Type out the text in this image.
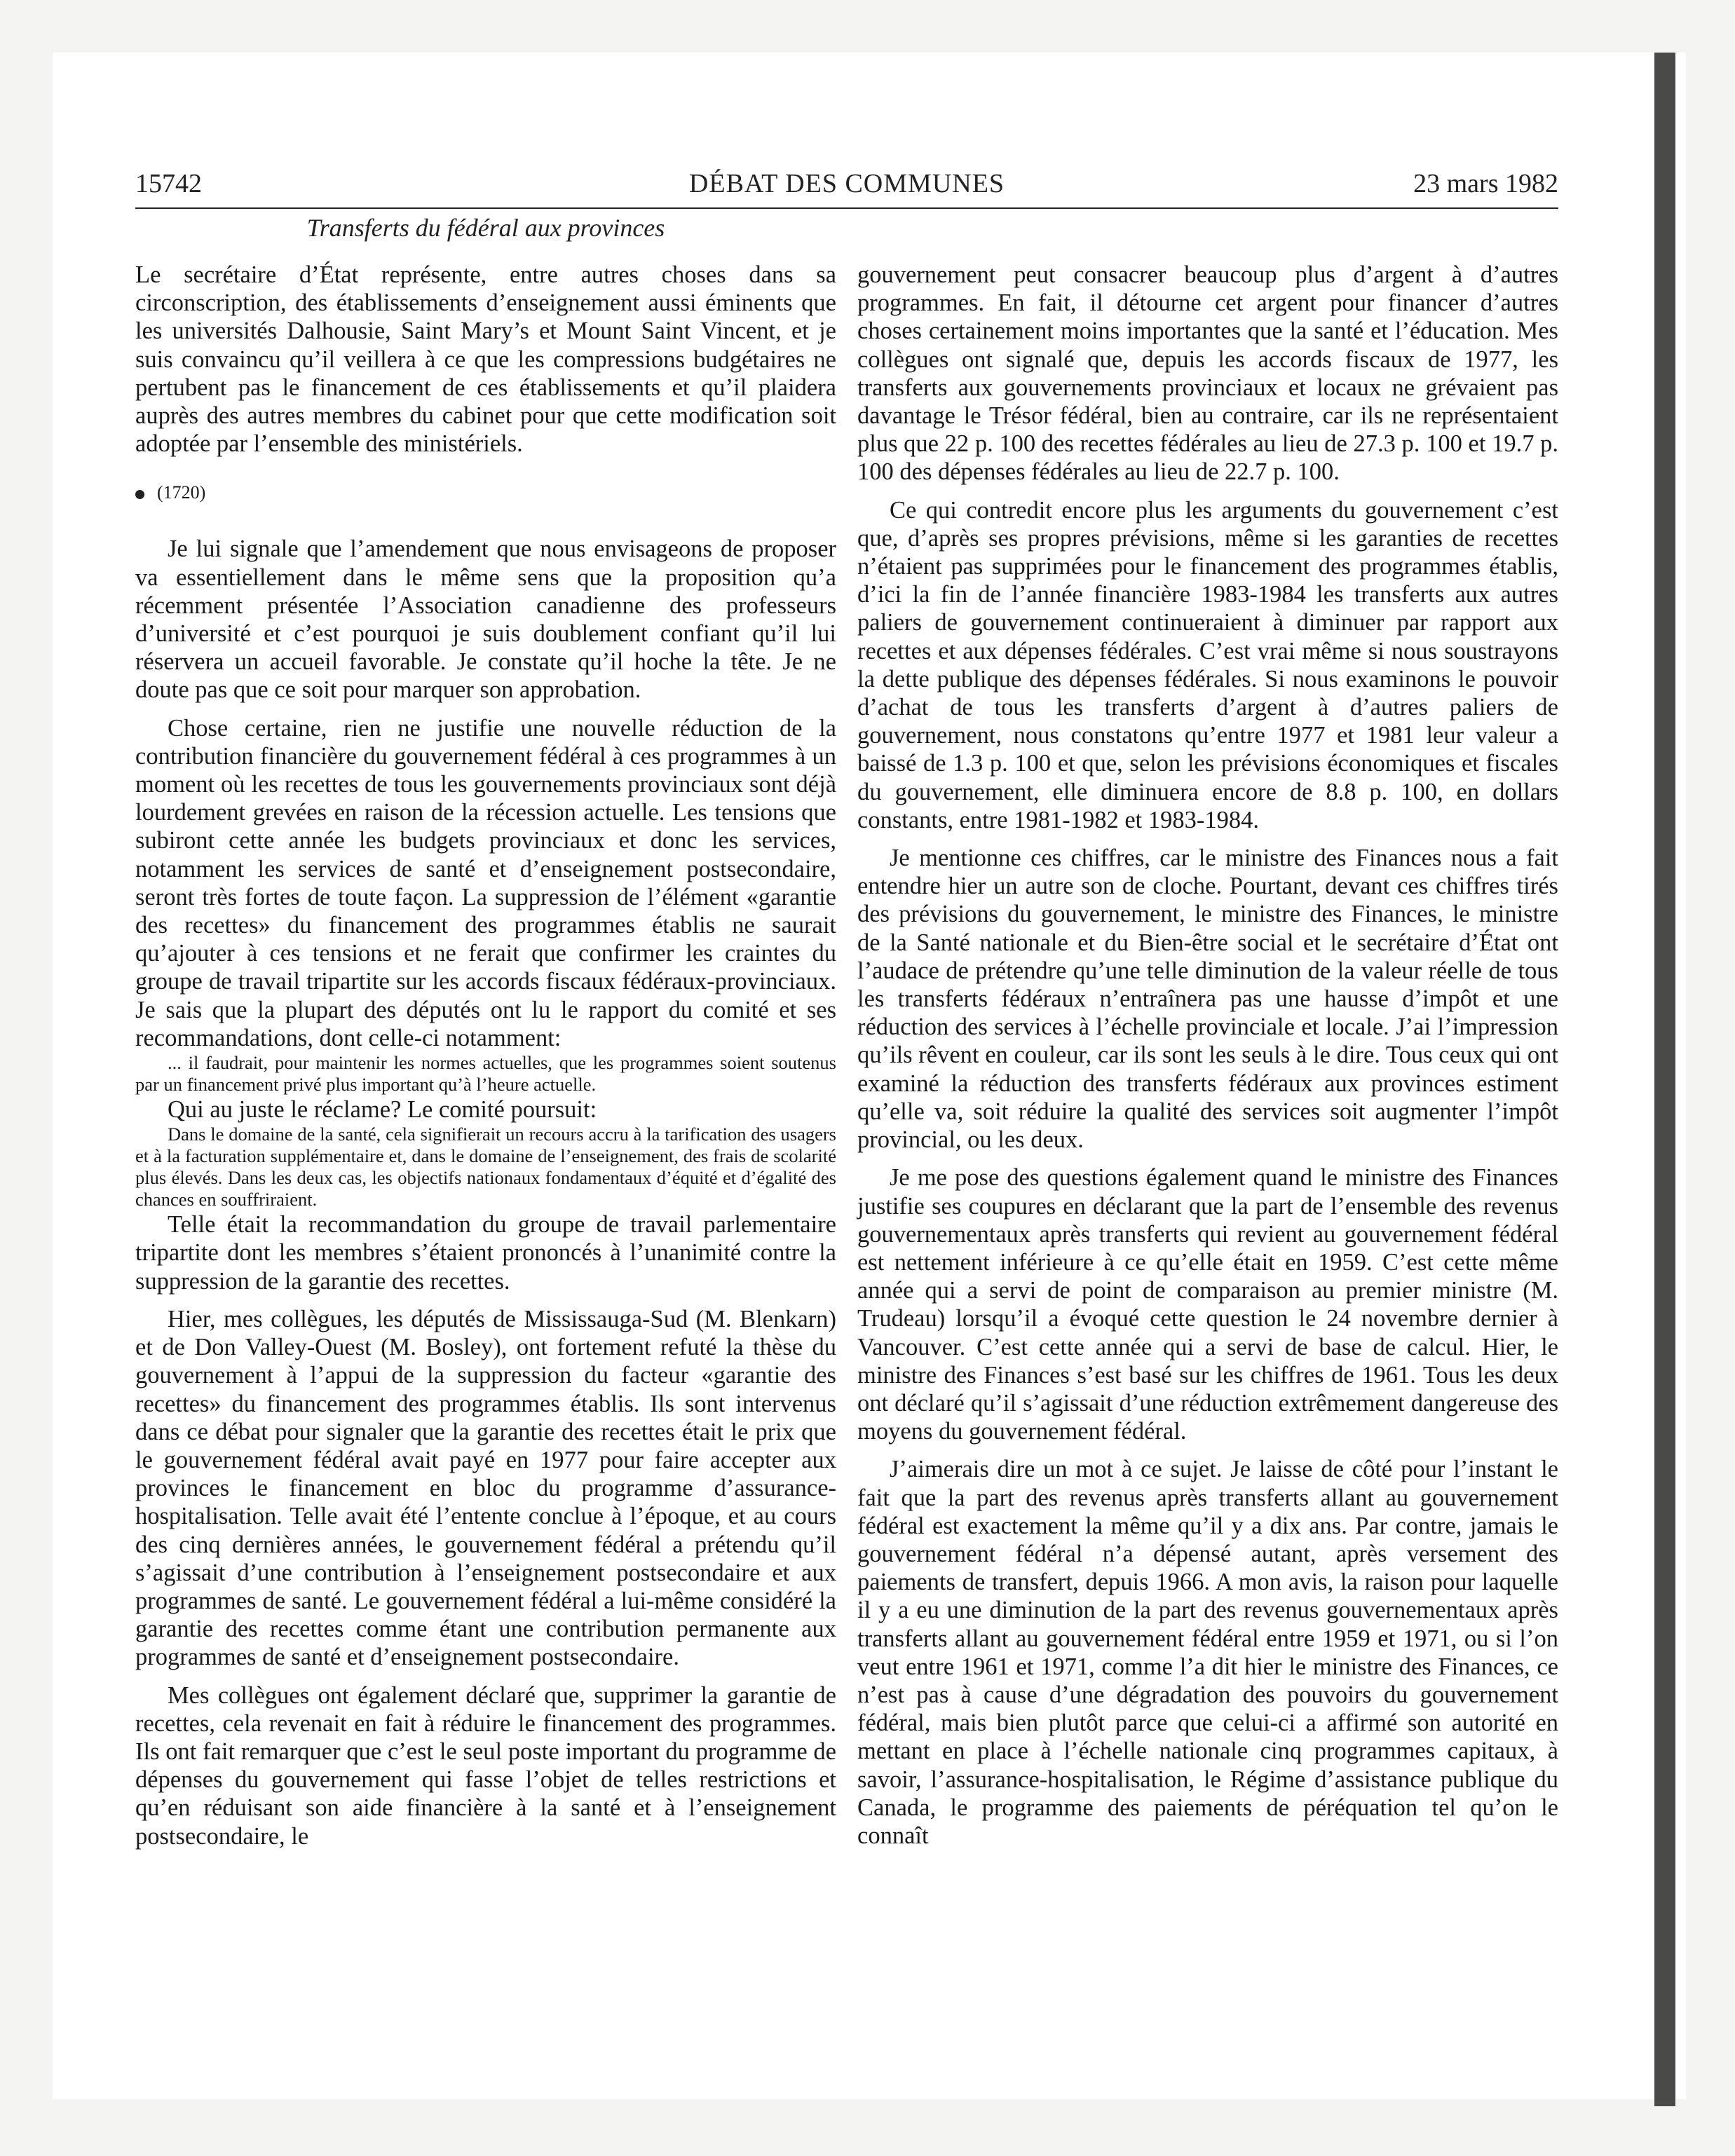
15742	DÉBAT DES COMMUNES	23 mars 1982
Transferts du fédéral aux provinces

Le secrétaire d’État représente, entre autres choses dans sa circonscription, des établissements d’enseignement aussi éminents que les universités Dalhousie, Saint Mary’s et Mount Saint Vincent, et je suis convaincu qu’il veillera à ce que les compressions budgétaires ne pertubent pas le financement de ces établissements et qu’il plaidera auprès des autres membres du cabinet pour que cette modification soit adoptée par l’ensemble des ministériels.

(1720)

Je lui signale que l’amendement que nous envisageons de proposer va essentiellement dans le même sens que la proposition qu’a récemment présentée l’Association canadienne des professeurs d’université et c’est pourquoi je suis doublement confiant qu’il lui réservera un accueil favorable. Je constate qu’il hoche la tête. Je ne doute pas que ce soit pour marquer son approbation.

Chose certaine, rien ne justifie une nouvelle réduction de la contribution financière du gouvernement fédéral à ces programmes à un moment où les recettes de tous les gouvernements provinciaux sont déjà lourdement grevées en raison de la récession actuelle. Les tensions que subiront cette année les budgets provinciaux et donc les services, notamment les services de santé et d’enseignement postsecondaire, seront très fortes de toute façon. La suppression de l’élément «garantie des recettes» du financement des programmes établis ne saurait qu’ajouter à ces tensions et ne ferait que confirmer les craintes du groupe de travail tripartite sur les accords fiscaux fédéraux-provinciaux. Je sais que la plupart des députés ont lu le rapport du comité et ses recommandations, dont celle-ci notamment:

... il faudrait, pour maintenir les normes actuelles, que les programmes soient soutenus par un financement privé plus important qu’à l’heure actuelle.

Qui au juste le réclame? Le comité poursuit:

Dans le domaine de la santé, cela signifierait un recours accru à la tarification des usagers et à la facturation supplémentaire et, dans le domaine de l’enseignement, des frais de scolarité plus élevés. Dans les deux cas, les objectifs nationaux fondamentaux d’équité et d’égalité des chances en souffriraient.

Telle était la recommandation du groupe de travail parlementaire tripartite dont les membres s’étaient prononcés à l’unanimité contre la suppression de la garantie des recettes.

Hier, mes collègues, les députés de Mississauga-Sud (M. Blenkarn) et de Don Valley-Ouest (M. Bosley), ont fortement refuté la thèse du gouvernement à l’appui de la suppression du facteur «garantie des recettes» du financement des programmes établis. Ils sont intervenus dans ce débat pour signaler que la garantie des recettes était le prix que le gouvernement fédéral avait payé en 1977 pour faire accepter aux provinces le financement en bloc du programme d’assurance-hospitalisation. Telle avait été l’entente conclue à l’époque, et au cours des cinq dernières années, le gouvernement fédéral a prétendu qu’il s’agissait d’une contribution à l’enseignement postsecondaire et aux programmes de santé. Le gouvernement fédéral a lui-même considéré la garantie des recettes comme étant une contribution permanente aux programmes de santé et d’enseignement postsecondaire.

Mes collègues ont également déclaré que, supprimer la garantie de recettes, cela revenait en fait à réduire le financement des programmes. Ils ont fait remarquer que c’est le seul poste important du programme de dépenses du gouvernement qui fasse l’objet de telles restrictions et qu’en réduisant son aide financière à la santé et à l’enseignement postsecondaire, le

gouvernement peut consacrer beaucoup plus d’argent à d’autres programmes. En fait, il détourne cet argent pour financer d’autres choses certainement moins importantes que la santé et l’éducation. Mes collègues ont signalé que, depuis les accords fiscaux de 1977, les transferts aux gouvernements provinciaux et locaux ne grévaient pas davantage le Trésor fédéral, bien au contraire, car ils ne représentaient plus que 22 p. 100 des recettes fédérales au lieu de 27.3 p. 100 et 19.7 p. 100 des dépenses fédérales au lieu de 22.7 p. 100.

Ce qui contredit encore plus les arguments du gouvernement c’est que, d’après ses propres prévisions, même si les garanties de recettes n’étaient pas supprimées pour le financement des programmes établis, d’ici la fin de l’année financière 1983-1984 les transferts aux autres paliers de gouvernement continueraient à diminuer par rapport aux recettes et aux dépenses fédérales. C’est vrai même si nous soustrayons la dette publique des dépenses fédérales. Si nous examinons le pouvoir d’achat de tous les transferts d’argent à d’autres paliers de gouvernement, nous constatons qu’entre 1977 et 1981 leur valeur a baissé de 1.3 p. 100 et que, selon les prévisions économiques et fiscales du gouvernement, elle diminuera encore de 8.8 p. 100, en dollars constants, entre 1981-1982 et 1983-1984.

Je mentionne ces chiffres, car le ministre des Finances nous a fait entendre hier un autre son de cloche. Pourtant, devant ces chiffres tirés des prévisions du gouvernement, le ministre des Finances, le ministre de la Santé nationale et du Bien-être social et le secrétaire d’État ont l’audace de prétendre qu’une telle diminution de la valeur réelle de tous les transferts fédéraux n’entraînera pas une hausse d’impôt et une réduction des services à l’échelle provinciale et locale. J’ai l’impression qu’ils rêvent en couleur, car ils sont les seuls à le dire. Tous ceux qui ont examiné la réduction des transferts fédéraux aux provinces estiment qu’elle va, soit réduire la qualité des services soit augmenter l’impôt provincial, ou les deux.

Je me pose des questions également quand le ministre des Finances justifie ses coupures en déclarant que la part de l’ensemble des revenus gouvernementaux après transferts qui revient au gouvernement fédéral est nettement inférieure à ce qu’elle était en 1959. C’est cette même année qui a servi de point de comparaison au premier ministre (M. Trudeau) lorsqu’il a évoqué cette question le 24 novembre dernier à Vancouver. C’est cette année qui a servi de base de calcul. Hier, le ministre des Finances s’est basé sur les chiffres de 1961. Tous les deux ont déclaré qu’il s’agissait d’une réduction extrêmement dangereuse des moyens du gouvernement fédéral.

J’aimerais dire un mot à ce sujet. Je laisse de côté pour l’instant le fait que la part des revenus après transferts allant au gouvernement fédéral est exactement la même qu’il y a dix ans. Par contre, jamais le gouvernement fédéral n’a dépensé autant, après versement des paiements de transfert, depuis 1966. A mon avis, la raison pour laquelle il y a eu une diminution de la part des revenus gouvernementaux après transferts allant au gouvernement fédéral entre 1959 et 1971, ou si l’on veut entre 1961 et 1971, comme l’a dit hier le ministre des Finances, ce n’est pas à cause d’une dégradation des pouvoirs du gouvernement fédéral, mais bien plutôt parce que celui-ci a affirmé son autorité en mettant en place à l’échelle nationale cinq programmes capitaux, à savoir, l’assurance-hospitalisation, le Régime d’assistance publique du Canada, le programme des paiements de péréquation tel qu’on le connaît
